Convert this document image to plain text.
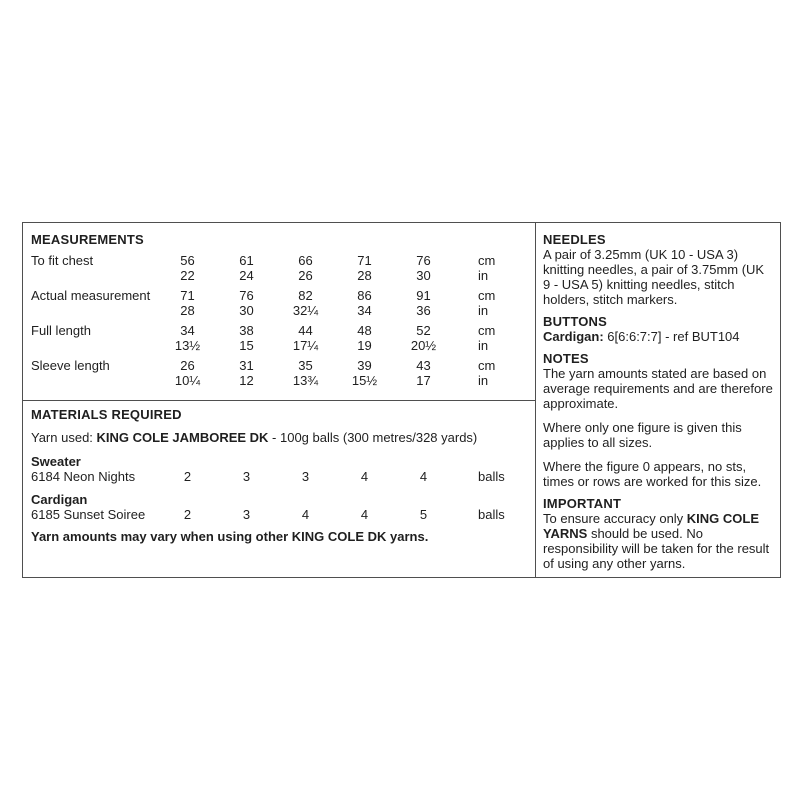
MEASUREMENTS
To fit chest	56	61	66	71	76	cm
22	24	26	28	30	in
Actual measurement	71	76	82	86	91	cm
28	30	32¼	34	36	in
Full length	34	38	44	48	52	cm
13½	15	17¼	19	20½	in
Sleeve length	26	31	35	39	43	cm
10¼	12	13¾	15½	17	in
MATERIALS REQUIRED
Yarn used: KING COLE JAMBOREE DK - 100g balls (300 metres/328 yards)
Sweater
6184 Neon Nights	2	3	3	4	4	balls
Cardigan
6185 Sunset Soiree	2	3	4	4	5	balls
Yarn amounts may vary when using other KING COLE DK yarns.
NEEDLES
A pair of 3.25mm (UK 10 - USA 3) knitting needles, a pair of 3.75mm (UK 9 - USA 5) knitting needles, stitch holders, stitch markers.
BUTTONS
Cardigan: 6[6:6:7:7] - ref BUT104
NOTES

The yarn amounts stated are based on average requirements and are therefore approximate.

Where only one figure is given this applies to all sizes.

Where the figure 0 appears, no sts, times or rows are worked for this size.

IMPORTANT
To ensure accuracy only KING COLE YARNS should be used. No responsibility will be taken for the result of using any other yarns.
